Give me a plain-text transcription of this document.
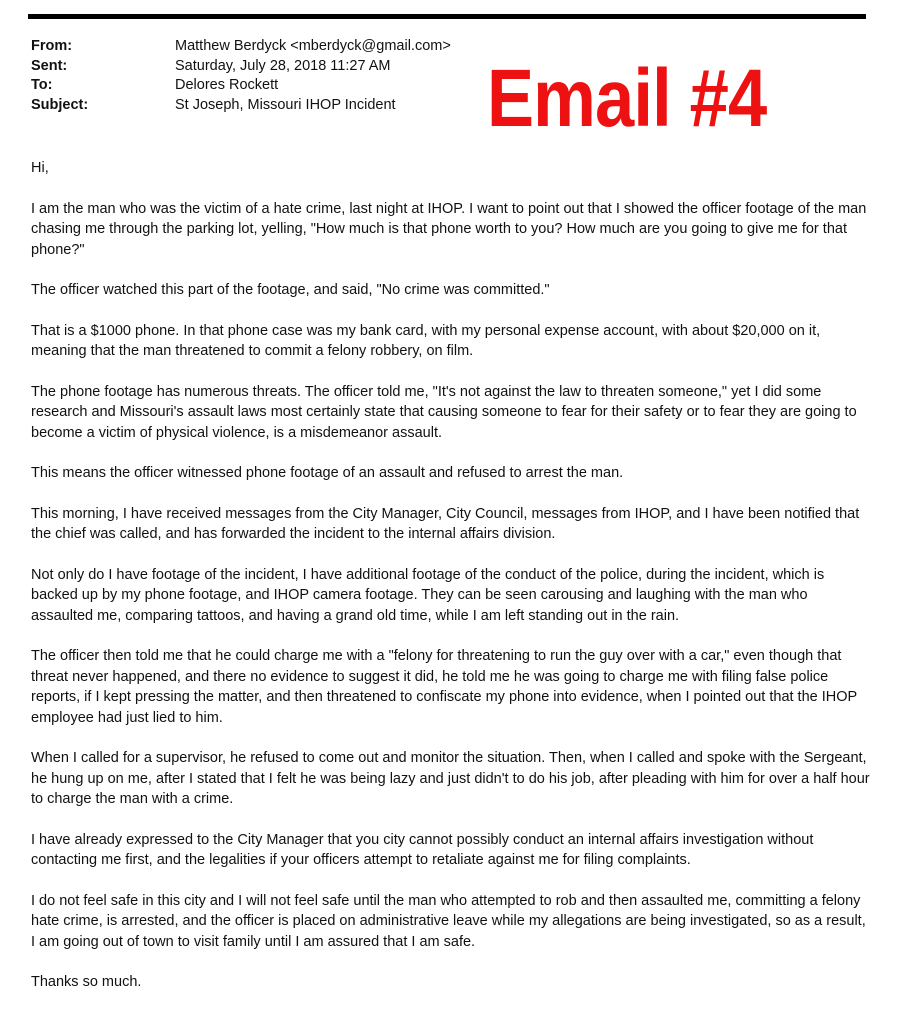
From:	Matthew Berdyck <mberdyck@gmail.com>
Sent:	Saturday, July 28, 2018 11:27 AM
To:	Delores Rockett
Subject:	St Joseph, Missouri IHOP Incident Email #4

Hi,

I am the man who was the victim of a hate crime, last night at IHOP. I want to point out that I showed the officer footage of the man chasing me through the parking lot, yelling, "How much is that phone worth to you? How much are you going to give me for that phone?"

The officer watched this part of the footage, and said, "No crime was committed."

That is a $1000 phone. In that phone case was my bank card, with my personal expense account, with about $20,000 on it, meaning that the man threatened to commit a felony robbery, on film.

The phone footage has numerous threats. The officer told me, "It's not against the law to threaten someone," yet I did some research and Missouri's assault laws most certainly state that causing someone to fear for their safety or to fear they are going to become a victim of physical violence, is a misdemeanor assault.

This means the officer witnessed phone footage of an assault and refused to arrest the man.

This morning, I have received messages from the City Manager, City Council, messages from IHOP, and I have been notified that the chief was called, and has forwarded the incident to the internal affairs division.

Not only do I have footage of the incident, I have additional footage of the conduct of the police, during the incident, which is backed up by my phone footage, and IHOP camera footage. They can be seen carousing and laughing with the man who assaulted me, comparing tattoos, and having a grand old time, while I am left standing out in the rain.

The officer then told me that he could charge me with a "felony for threatening to run the guy over with a car," even though that threat never happened, and there no evidence to suggest it did, he told me he was going to charge me with filing false police reports, if I kept pressing the matter, and then threatened to confiscate my phone into evidence, when I pointed out that the IHOP employee had just lied to him.

When I called for a supervisor, he refused to come out and monitor the situation. Then, when I called and spoke with the Sergeant, he hung up on me, after I stated that I felt he was being lazy and just didn't to do his job, after pleading with him for over a half hour to charge the man with a crime.

I have already expressed to the City Manager that you city cannot possibly conduct an internal affairs investigation without contacting me first, and the legalities if your officers attempt to retaliate against me for filing complaints.

I do not feel safe in this city and I will not feel safe until the man who attempted to rob and then assaulted me, committing a felony hate crime, is arrested, and the officer is placed on administrative leave while my allegations are being investigated, so as a result, I am going out of town to visit family until I am assured that I am safe.

Thanks so much.
